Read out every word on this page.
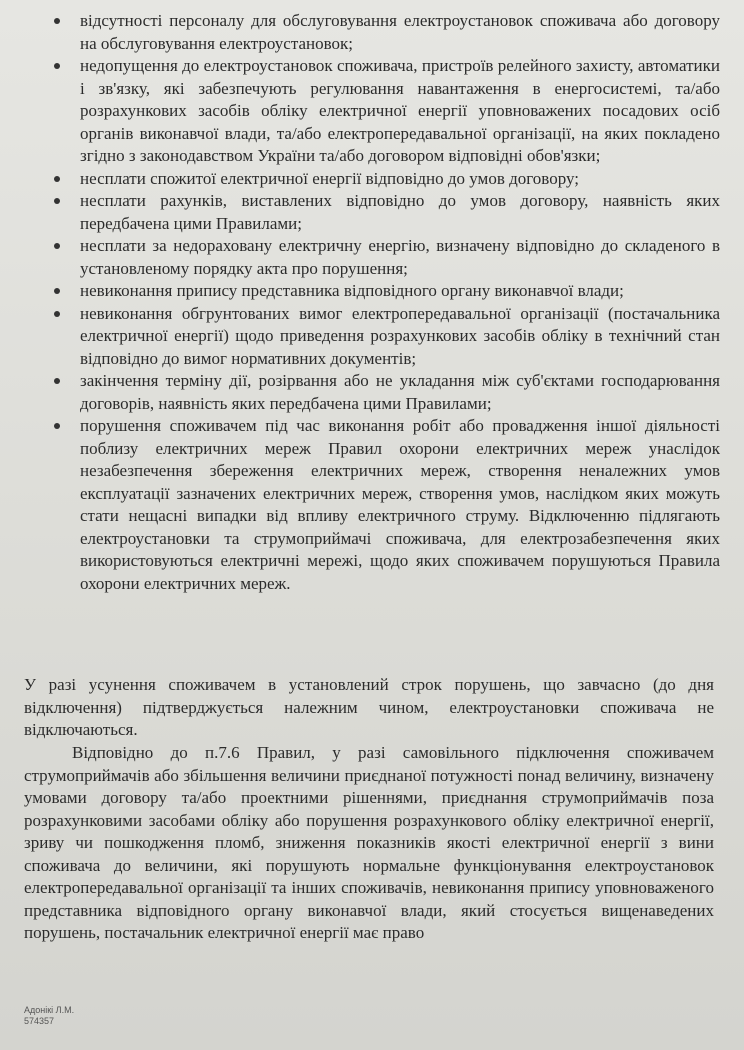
відсутності персоналу для обслуговування електроустановок споживача або договору на обслуговування електроустановок;
недопущення до електроустановок споживача, пристроїв релейного захисту, автоматики і зв'язку, які забезпечують регулювання навантаження в енергосистемі, та/або розрахункових засобів обліку електричної енергії уповноважених посадових осіб органів виконавчої влади, та/або електропередавальної організації, на яких покладено згідно з законодавством України та/або договором відповідні обов'язки;
несплати спожитої електричної енергії відповідно до умов договору;
несплати рахунків, виставлених відповідно до умов договору, наявність яких передбачена цими Правилами;
несплати за недораховану електричну енергію, визначену відповідно до складеного в установленому порядку акта про порушення;
невиконання припису представника відповідного органу виконавчої влади;
невиконання обгрунтованих вимог електропередавальної організації (постачальника електричної енергії) щодо приведення розрахункових засобів обліку в технічний стан відповідно до вимог нормативних документів;
закінчення терміну дії, розірвання або не укладання між суб'єктами господарювання договорів, наявність яких передбачена цими Правилами;
порушення споживачем під час виконання робіт або провадження іншої діяльності поблизу електричних мереж Правил охорони електричних мереж унаслідок незабезпечення збереження електричних мереж, створення неналежних умов експлуатації зазначених електричних мереж, створення умов, наслідком яких можуть стати нещасні випадки від впливу електричного струму. Відключенню підлягають електроустановки та струмоприймачі споживача, для електрозабезпечення яких використовуються електричні мережі, щодо яких споживачем порушуються Правила охорони електричних мереж.

У разі усунення споживачем в установлений строк порушень, що завчасно (до дня відключення) підтверджується належним чином, електроустановки споживача не відключаються.

Відповідно до п.7.6 Правил, у разі самовільного підключення споживачем струмоприймачів або збільшення величини приєднаної потужності понад величину, визначену умовами договору та/або проектними рішеннями, приєднання струмоприймачів поза розрахунковими засобами обліку або порушення розрахункового обліку електричної енергії, зриву чи пошкодження пломб, зниження показників якості електричної енергії з вини споживача до величини, які порушують нормальне функціонування електроустановок електропередавальної організації та інших споживачів, невиконання припису уповноваженого представника відповідного органу виконавчої влади, який стосується вищенаведених порушень, постачальник електричної енергії має право

Адонікі Л.М.
574357
